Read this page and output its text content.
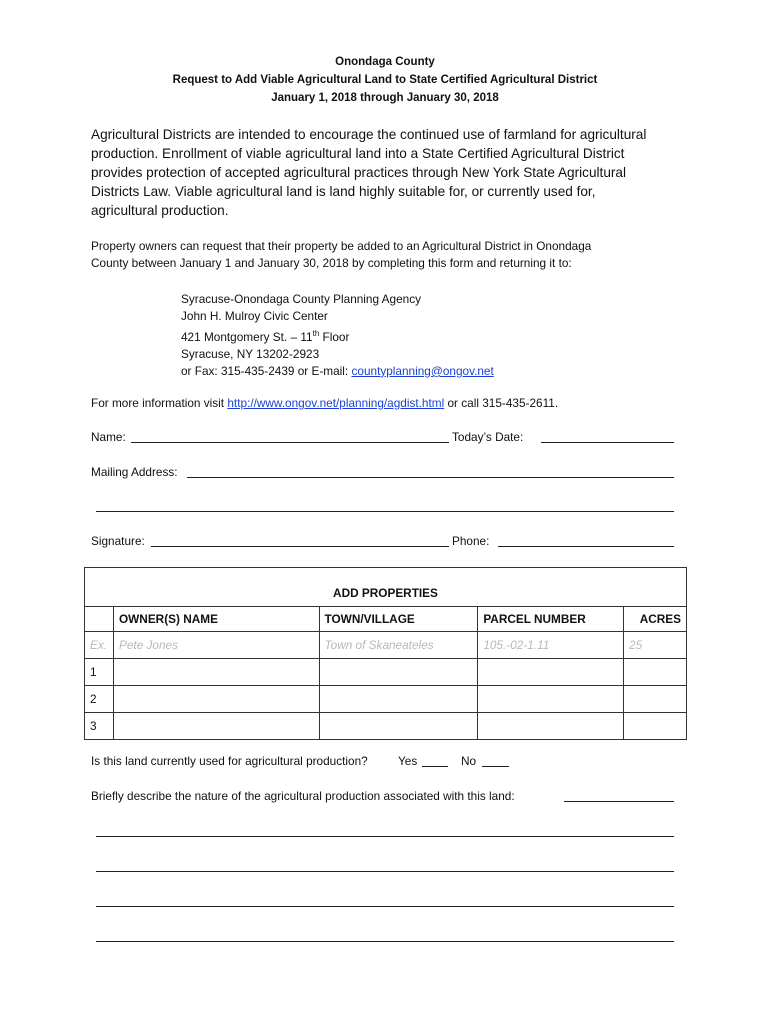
Onondaga County
Request to Add Viable Agricultural Land to State Certified Agricultural District
January 1, 2018 through January 30, 2018
Agricultural Districts are intended to encourage the continued use of farmland for agricultural
production. Enrollment of viable agricultural land into a State Certified Agricultural District
provides protection of accepted agricultural practices through New York State Agricultural
Districts Law. Viable agricultural land is land highly suitable for, or currently used for,
agricultural production.
Property owners can request that their property be added to an Agricultural District in Onondaga
County between January 1 and January 30, 2018 by completing this form and returning it to:
Syracuse-Onondaga County Planning Agency
John H. Mulroy Civic Center
421 Montgomery St. – 11th Floor
Syracuse, NY 13202-2923
or Fax: 315-435-2439 or E-mail: countyplanning@ongov.net
For more information visit http://www.ongov.net/planning/agdist.html or call 315-435-2611.
Name:	Today’s Date:
Mailing Address:
Signature:	Phone:
ADD PROPERTIES				
	OWNER(S) NAME	TOWN/VILLAGE	PARCEL NUMBER	ACRES
Ex.	Pete Jones	Town of Skaneateles	105.-02-1.11	25
1				
2				
3				
Is this land currently used for agricultural production?	Yes	No
Briefly describe the nature of the agricultural production associated with this land:
